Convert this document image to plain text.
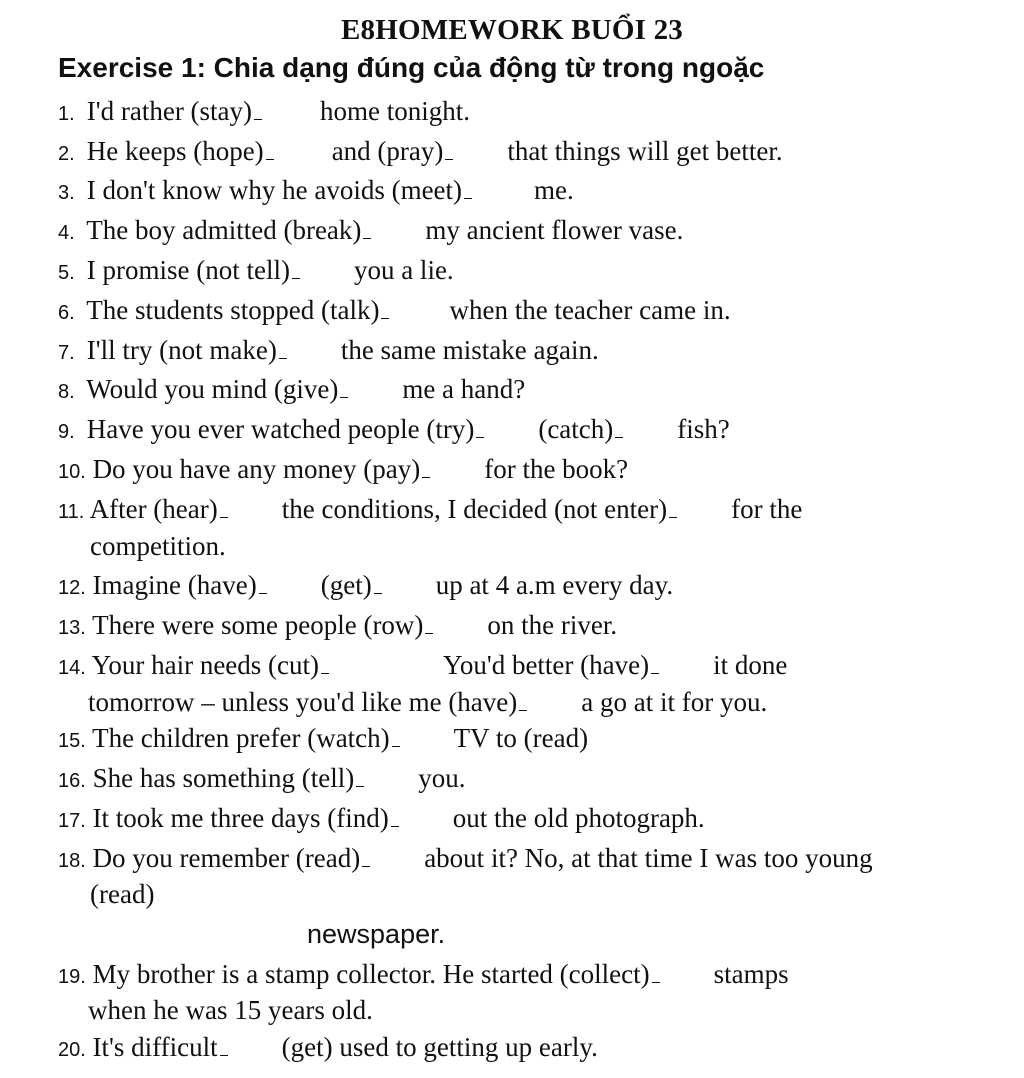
E8HOMEWORK BUỔI 23
Exercise 1: Chia dạng đúng của động từ trong ngoặc
1. I'd rather (stay)	home tonight.
2. He keeps (hope)	and (pray) that things will get better.
3. I don't know why he avoids (meet)	me.
4. The boy admitted (break) my ancient flower vase.
5. I promise (not tell) you a lie.
6. The students stopped (talk)	when the teacher came in.
7. I'll try (not make) the same mistake again.
8. Would you mind (give) me a hand?
9. Have you ever watched people (try) (catch) fish?
10. Do you have any money (pay) for the book?
11. After (hear) the conditions, I decided (not enter) for the
competition.
12. Imagine (have) (get) up at 4 a.m every day.
13. There were some people (row) on the river.
14. Your hair needs (cut)	You'd better (have) it done
tomorrow – unless you'd like me (have) a go at it for you.
15. The children prefer (watch) TV to (read)
16. She has something (tell) you.
17. It took me three days (find) out the old photograph.
18. Do you remember (read) about it? No, at that time I was too young
(read)
newspaper.
19. My brother is a stamp collector. He started (collect) stamps
when he was 15 years old.
20. It's difficult (get) used to getting up early.
